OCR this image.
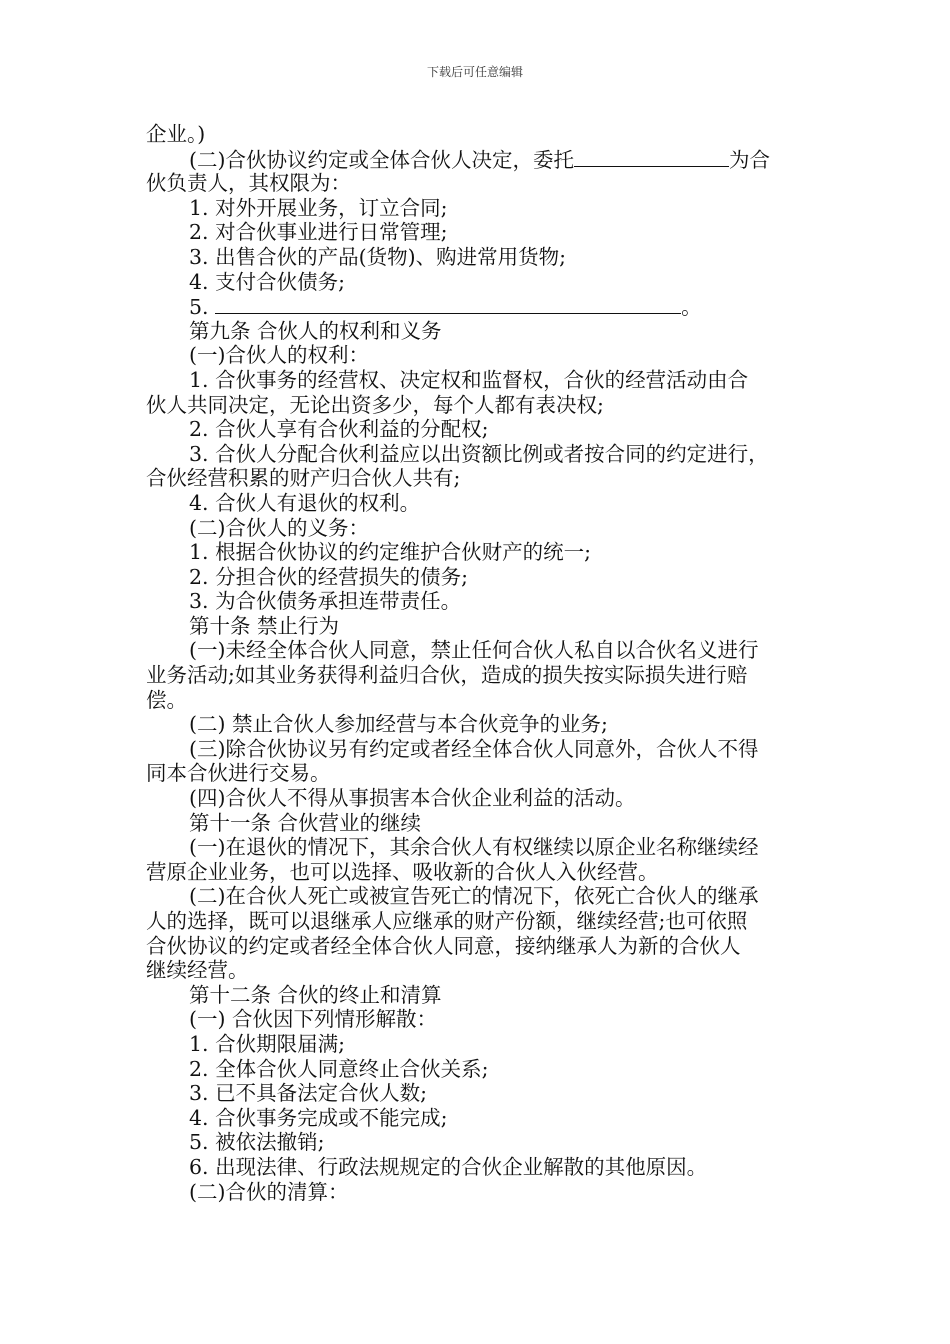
下载后可任意编辑
企业。)
(二)合伙协议约定或全体合伙人决定，委托	为合
伙负责人，其权限为：
1. 对外开展业务，订立合同;
2. 对合伙事业进行日常管理;
3. 出售合伙的产品(货物)、购进常用货物;
4. 支付合伙债务;
5.	。
第九条 合伙人的权利和义务
(一)合伙人的权利：
1. 合伙事务的经营权、决定权和监督权，合伙的经营活动由合
伙人共同决定，无论出资多少，每个人都有表决权;
2. 合伙人享有合伙利益的分配权;
3. 合伙人分配合伙利益应以出资额比例或者按合同的约定进行，
合伙经营积累的财产归合伙人共有;
4. 合伙人有退伙的权利。
(二)合伙人的义务：
1. 根据合伙协议的约定维护合伙财产的统一;
2. 分担合伙的经营损失的债务;
3. 为合伙债务承担连带责任。
第十条 禁止行为
(一)未经全体合伙人同意，禁止任何合伙人私自以合伙名义进行
业务活动;如其业务获得利益归合伙，造成的损失按实际损失进行赔
偿。
(二) 禁止合伙人参加经营与本合伙竞争的业务;
(三)除合伙协议另有约定或者经全体合伙人同意外，合伙人不得
同本合伙进行交易。
(四)合伙人不得从事损害本合伙企业利益的活动。
第十一条 合伙营业的继续
(一)在退伙的情况下，其余合伙人有权继续以原企业名称继续经
营原企业业务，也可以选择、吸收新的合伙人入伙经营。
(二)在合伙人死亡或被宣告死亡的情况下，依死亡合伙人的继承
人的选择，既可以退继承人应继承的财产份额，继续经营;也可依照
合伙协议的约定或者经全体合伙人同意，接纳继承人为新的合伙人
继续经营。
第十二条 合伙的终止和清算
(一) 合伙因下列情形解散：
1. 合伙期限届满;
2. 全体合伙人同意终止合伙关系;
3. 已不具备法定合伙人数;
4. 合伙事务完成或不能完成;
5. 被依法撤销;
6. 出现法律、行政法规规定的合伙企业解散的其他原因。
(二)合伙的清算：
